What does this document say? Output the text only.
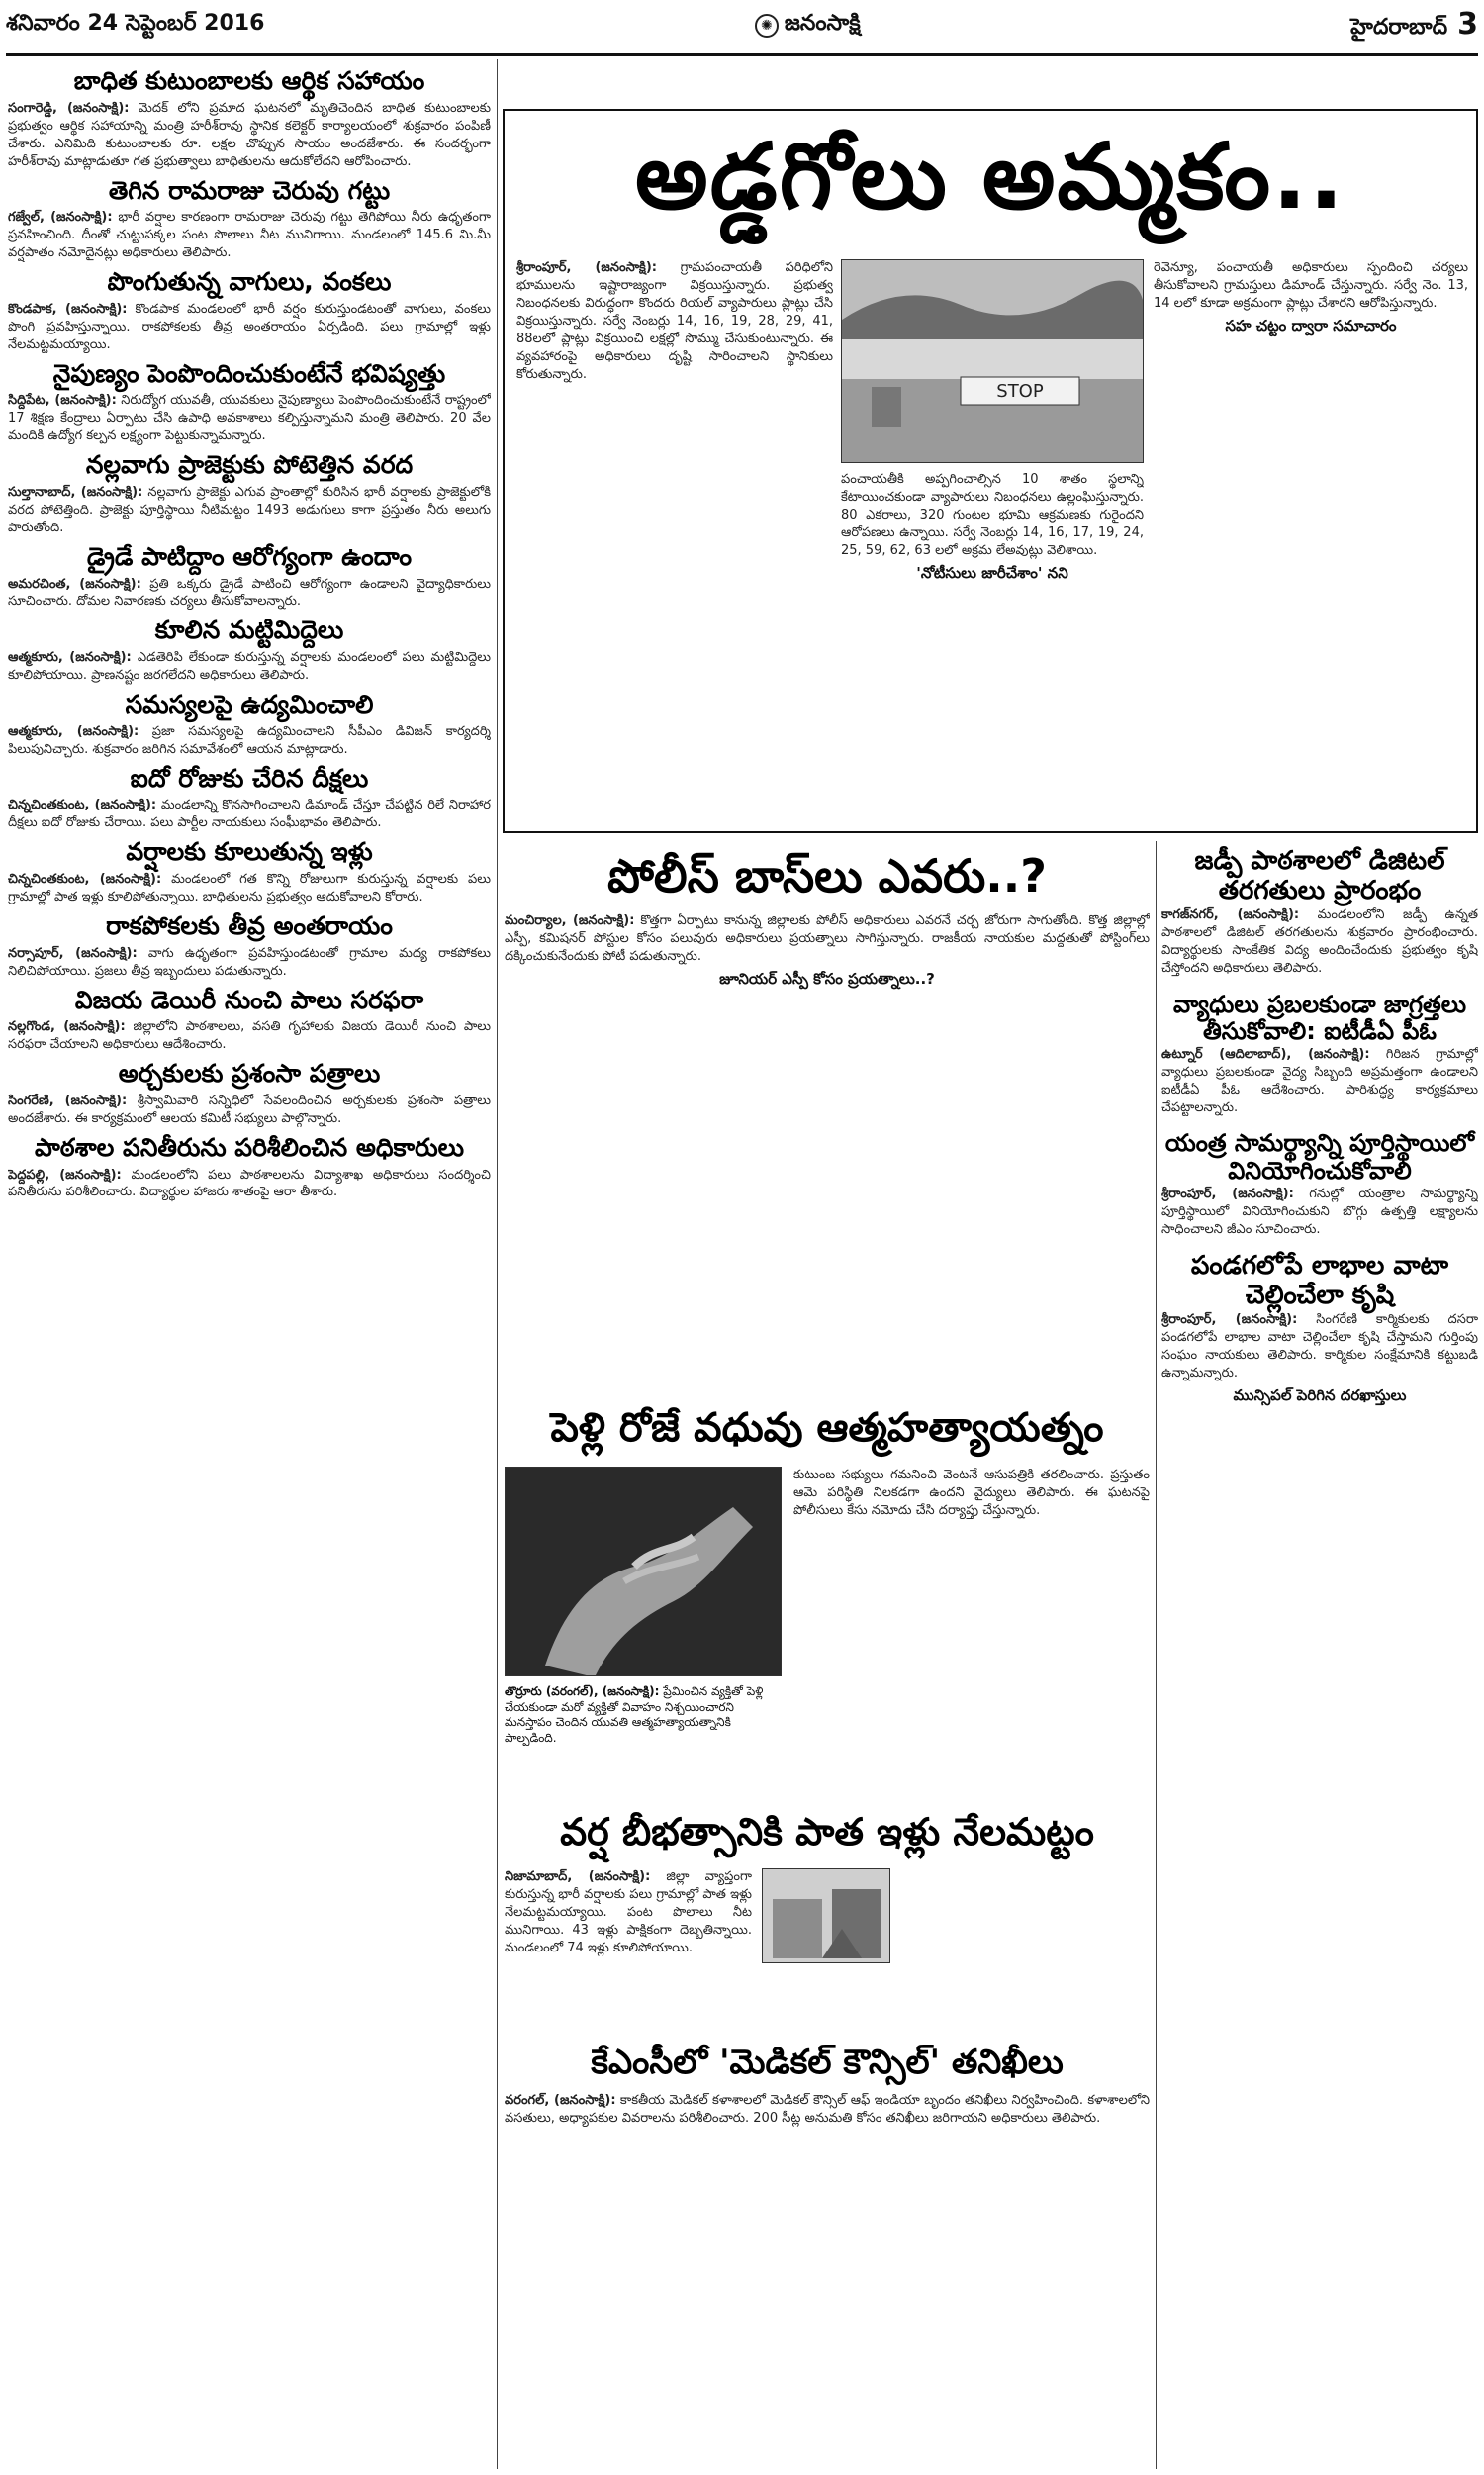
శనివారం 24 సెప్టెంబర్ 2016	✺ జనంసాక్షి	హైదరాబాద్ 3
బాధిత కుటుంబాలకు ఆర్థిక సహాయం

సంగారెడ్డి, (జనంసాక్షి): మెదక్ లోని ప్రమాద ఘటనలో మృతిచెందిన బాధిత కుటుంబాలకు ప్రభుత్వం ఆర్థిక సహాయాన్ని మంత్రి హరీశ్‌రావు స్థానిక కలెక్టర్ కార్యాలయంలో శుక్రవారం పంపిణీ చేశారు. ఎనిమిది కుటుంబాలకు రూ. లక్షల చొప్పున సాయం అందజేశారు. ఈ సందర్భంగా హరీశ్‌రావు మాట్లాడుతూ గత ప్రభుత్వాలు బాధితులను ఆదుకోలేదని ఆరోపించారు.

తెగిన రామరాజు చెరువు గట్టు

గజ్వేల్, (జనంసాక్షి): భారీ వర్షాల కారణంగా రామరాజు చెరువు గట్టు తెగిపోయి నీరు ఉధృతంగా ప్రవహించింది. దీంతో చుట్టుపక్కల పంట పొలాలు నీట మునిగాయి. మండలంలో 145.6 మి.మీ వర్షపాతం నమోదైనట్లు అధికారులు తెలిపారు.

పొంగుతున్న వాగులు, వంకలు

కొండపాక, (జనంసాక్షి): కొండపాక మండలంలో భారీ వర్షం కురుస్తుండటంతో వాగులు, వంకలు పొంగి ప్రవహిస్తున్నాయి. రాకపోకలకు తీవ్ర అంతరాయం ఏర్పడింది. పలు గ్రామాల్లో ఇళ్లు నేలమట్టమయ్యాయి.

నైపుణ్యం పెంపొందించుకుంటేనే భవిష్యత్తు

సిద్దిపేట, (జనంసాక్షి): నిరుద్యోగ యువతీ, యువకులు నైపుణ్యాలు పెంపొందించుకుంటేనే రాష్ట్రంలో 17 శిక్షణ కేంద్రాలు ఏర్పాటు చేసి ఉపాధి అవకాశాలు కల్పిస్తున్నామని మంత్రి తెలిపారు. 20 వేల మందికి ఉద్యోగ కల్పన లక్ష్యంగా పెట్టుకున్నామన్నారు.

నల్లవాగు ప్రాజెక్టుకు పోటెత్తిన వరద

సుల్తానాబాద్, (జనంసాక్షి): నల్లవాగు ప్రాజెక్టు ఎగువ ప్రాంతాల్లో కురిసిన భారీ వర్షాలకు ప్రాజెక్టులోకి వరద పోటెత్తింది. ప్రాజెక్టు పూర్తిస్థాయి నీటిమట్టం 1493 అడుగులు కాగా ప్రస్తుతం నీరు అలుగు పారుతోంది.

డ్రైడే పాటిద్దాం ఆరోగ్యంగా ఉందాం

అమరచింత, (జనంసాక్షి): ప్రతి ఒక్కరు డ్రైడే పాటించి ఆరోగ్యంగా ఉండాలని వైద్యాధికారులు సూచించారు. దోమల నివారణకు చర్యలు తీసుకోవాలన్నారు.

కూలిన మట్టిమిద్దెలు

ఆత్మకూరు, (జనంసాక్షి): ఎడతెరిపి లేకుండా కురుస్తున్న వర్షాలకు మండలంలో పలు మట్టిమిద్దెలు కూలిపోయాయి. ప్రాణనష్టం జరగలేదని అధికారులు తెలిపారు.

సమస్యలపై ఉద్యమించాలి

ఆత్మకూరు, (జనంసాక్షి): ప్రజా సమస్యలపై ఉద్యమించాలని సీపీఎం డివిజన్ కార్యదర్శి పిలుపునిచ్చారు. శుక్రవారం జరిగిన సమావేశంలో ఆయన మాట్లాడారు.

ఐదో రోజుకు చేరిన దీక్షలు

చిన్నచింతకుంట, (జనంసాక్షి): మండలాన్ని కొనసాగించాలని డిమాండ్ చేస్తూ చేపట్టిన రిలే నిరాహార దీక్షలు ఐదో రోజుకు చేరాయి. పలు పార్టీల నాయకులు సంఘీభావం తెలిపారు.

వర్షాలకు కూలుతున్న ఇళ్లు

చిన్నచింతకుంట, (జనంసాక్షి): మండలంలో గత కొన్ని రోజులుగా కురుస్తున్న వర్షాలకు పలు గ్రామాల్లో పాత ఇళ్లు కూలిపోతున్నాయి. బాధితులను ప్రభుత్వం ఆదుకోవాలని కోరారు.

రాకపోకలకు తీవ్ర అంతరాయం

నర్సాపూర్, (జనంసాక్షి): వాగు ఉధృతంగా ప్రవహిస్తుండటంతో గ్రామాల మధ్య రాకపోకలు నిలిచిపోయాయి. ప్రజలు తీవ్ర ఇబ్బందులు పడుతున్నారు.

విజయ డెయిరీ నుంచి పాలు సరఫరా

నల్లగొండ, (జనంసాక్షి): జిల్లాలోని పాఠశాలలు, వసతి గృహాలకు విజయ డెయిరీ నుంచి పాలు సరఫరా చేయాలని అధికారులు ఆదేశించారు.

అర్చకులకు ప్రశంసా పత్రాలు

సింగరేణి, (జనంసాక్షి): శ్రీస్వామివారి సన్నిధిలో సేవలందించిన అర్చకులకు ప్రశంసా పత్రాలు అందజేశారు. ఈ కార్యక్రమంలో ఆలయ కమిటీ సభ్యులు పాల్గొన్నారు.

పాఠశాల పనితీరును పరిశీలించిన అధికారులు

పెద్దపల్లి, (జనంసాక్షి): మండలంలోని పలు పాఠశాలలను విద్యాశాఖ అధికారులు సందర్శించి పనితీరును పరిశీలించారు. విద్యార్థుల హాజరు శాతంపై ఆరా తీశారు.

అడ్డగోలు అమ్మకం..

శ్రీరాంపూర్, (జనంసాక్షి): గ్రామపంచాయతీ పరిధిలోని భూములను ఇష్టారాజ్యంగా విక్రయిస్తున్నారు. ప్రభుత్వ నిబంధనలకు విరుద్ధంగా కొందరు రియల్ వ్యాపారులు ప్లాట్లు చేసి విక్రయిస్తున్నారు. సర్వే నెంబర్లు 14, 16, 19, 28, 29, 41, 88లలో ప్లాట్లు విక్రయించి లక్షల్లో సొమ్ము చేసుకుంటున్నారు. ఈ వ్యవహారంపై అధికారులు దృష్టి సారించాలని స్థానికులు కోరుతున్నారు.

STOP

పంచాయతీకి అప్పగించాల్సిన 10 శాతం స్థలాన్ని కేటాయించకుండా వ్యాపారులు నిబంధనలు ఉల్లంఘిస్తున్నారు. 80 ఎకరాలు, 320 గుంటల భూమి ఆక్రమణకు గురైందని ఆరోపణలు ఉన్నాయి. సర్వే నెంబర్లు 14, 16, 17, 19, 24, 25, 59, 62, 63 లలో అక్రమ లేఅవుట్లు వెలిశాయి.

'నోటీసులు జారీచేశాం' నని

రెవెన్యూ, పంచాయతీ అధికారులు స్పందించి చర్యలు తీసుకోవాలని గ్రామస్తులు డిమాండ్ చేస్తున్నారు. సర్వే నెం. 13, 14 లలో కూడా అక్రమంగా ప్లాట్లు చేశారని ఆరోపిస్తున్నారు.

సహ చట్టం ద్వారా సమాచారం
పోలీస్ బాస్‌లు ఎవరు..?

మంచిర్యాల, (జనంసాక్షి): కొత్తగా ఏర్పాటు కానున్న జిల్లాలకు పోలీస్ అధికారులు ఎవరనే చర్చ జోరుగా సాగుతోంది. కొత్త జిల్లాల్లో ఎస్పీ, కమిషనర్ పోస్టుల కోసం పలువురు అధికారులు ప్రయత్నాలు సాగిస్తున్నారు. రాజకీయ నాయకుల మద్దతుతో పోస్టింగ్‌లు దక్కించుకునేందుకు పోటీ పడుతున్నారు.

జూనియర్ ఎస్పీ కోసం ప్రయత్నాలు..?
జడ్పీ పాఠశాలలో డిజిటల్
తరగతులు ప్రారంభం

కాగజ్‌నగర్, (జనంసాక్షి): మండలంలోని జడ్పీ ఉన్నత పాఠశాలలో డిజిటల్ తరగతులను శుక్రవారం ప్రారంభించారు. విద్యార్థులకు సాంకేతిక విద్య అందించేందుకు ప్రభుత్వం కృషి చేస్తోందని అధికారులు తెలిపారు.

వ్యాధులు ప్రబలకుండా జాగ్రత్తలు
తీసుకోవాలి: ఐటీడీఏ పీఓ

ఉట్నూర్ (ఆదిలాబాద్), (జనంసాక్షి): గిరిజన గ్రామాల్లో వ్యాధులు ప్రబలకుండా వైద్య సిబ్బంది అప్రమత్తంగా ఉండాలని ఐటీడీఏ పీఓ ఆదేశించారు. పారిశుద్ధ్య కార్యక్రమాలు చేపట్టాలన్నారు.

యంత్ర సామర్థ్యాన్ని పూర్తిస్థాయిలో
వినియోగించుకోవాలి

శ్రీరాంపూర్, (జనంసాక్షి): గనుల్లో యంత్రాల సామర్థ్యాన్ని పూర్తిస్థాయిలో వినియోగించుకుని బొగ్గు ఉత్పత్తి లక్ష్యాలను సాధించాలని జీఎం సూచించారు.

పండగలోపే లాభాల వాటా
చెల్లించేలా కృషి

శ్రీరాంపూర్, (జనంసాక్షి): సింగరేణి కార్మికులకు దసరా పండగలోపే లాభాల వాటా చెల్లించేలా కృషి చేస్తామని గుర్తింపు సంఘం నాయకులు తెలిపారు. కార్మికుల సంక్షేమానికి కట్టుబడి ఉన్నామన్నారు.

మున్సిపల్ పెరిగిన దరఖాస్తులు
పెళ్లి రోజే వధువు ఆత్మహత్యాయత్నం

తొర్రూరు (వరంగల్), (జనంసాక్షి): ప్రేమించిన వ్యక్తితో పెళ్లి చేయకుండా మరో వ్యక్తితో వివాహం నిశ్చయించారని మనస్తాపం చెందిన యువతి ఆత్మహత్యాయత్నానికి పాల్పడింది.

కుటుంబ సభ్యులు గమనించి వెంటనే ఆసుపత్రికి తరలించారు. ప్రస్తుతం ఆమె పరిస్థితి నిలకడగా ఉందని వైద్యులు తెలిపారు. ఈ ఘటనపై పోలీసులు కేసు నమోదు చేసి దర్యాప్తు చేస్తున్నారు.

వర్ష బీభత్సానికి పాత ఇళ్లు నేలమట్టం

నిజామాబాద్, (జనంసాక్షి): జిల్లా వ్యాప్తంగా కురుస్తున్న భారీ వర్షాలకు పలు గ్రామాల్లో పాత ఇళ్లు నేలమట్టమయ్యాయి. పంట పొలాలు నీట మునిగాయి. 43 ఇళ్లు పాక్షికంగా దెబ్బతిన్నాయి. మండలంలో 74 ఇళ్లు కూలిపోయాయి.

కేఎంసీలో 'మెడికల్ కౌన్సిల్' తనిఖీలు

వరంగల్, (జనంసాక్షి): కాకతీయ మెడికల్ కళాశాలలో మెడికల్ కౌన్సిల్ ఆఫ్ ఇండియా బృందం తనిఖీలు నిర్వహించింది. కళాశాలలోని వసతులు, అధ్యాపకుల వివరాలను పరిశీలించారు. 200 సీట్ల అనుమతి కోసం తనిఖీలు జరిగాయని అధికారులు తెలిపారు.
